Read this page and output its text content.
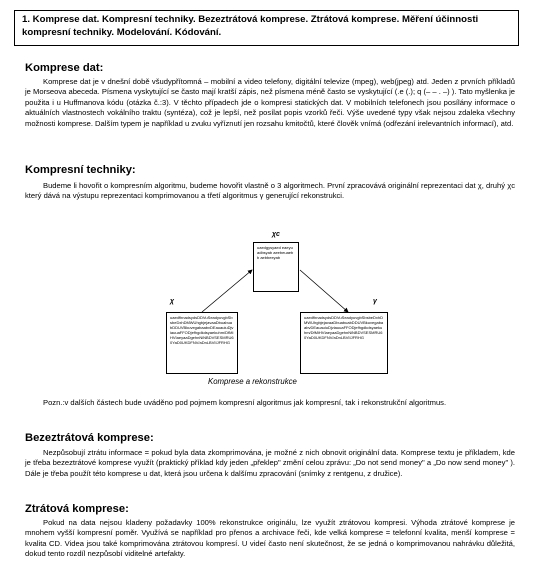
1. Komprese dat. Kompresní techniky. Bezeztrátová komprese. Ztrátová komprese. Měření účinnosti kompresní techniky. Modelování. Kódování.
Komprese dat:
Komprese dat je v dnešní době všudypřítomná – mobilní a video telefony, digitální televize (mpeg), web(jpeg) atd. Jeden z prvních příkladů je Morseova abeceda. Písmena vyskytující se často mají kratší zápis, než písmena méně často se vyskytující (.e (.); q (– – . –) ). Tato myšlenka je použita i u Huffmanova kódu (otázka č.:3). V těchto případech jde o kompresi statických dat. V mobilních telefonech jsou posílány informace o aktuálních vlastnostech vokálního traktu (syntéza), což je lepší, než posílat popis vzorků řeči. Výše uvedené typy však nejsou zdaleka všechny možnosti komprese. Dalším typem je například u zvuku vyříznutí jen rozsahu kmitočtů, které člověk vnímá (odřezání irelevantních informací), atd.
Kompresní techniky:
Budeme li hovořit o kompresním algoritmu, budeme hovořit vlastně o 3 algoritmech. První zpracovává originální reprezentaci dat χ, druhý χc který dává na výstupu reprezentaci komprimovanou a třetí algoritmus γ generující rekonstrukci.
χc
uaedgysyaed eaeyuadbsyab aeebeuaebb aebbeeyab
χ
uaedfhnadsydsDDVuSeadyuvgbSbsbeDxhDMWUhgbjejavaaDbuabuabDDUVBkuvegabaabvDEauauiuDjviauuaFFODjefhgdkdsyaekuhm/DfMiHVIaeyaaDgehnNiNBDVSESMRU60YaD0UKDFNV/aDnLBVIIJFRHG
γ
uaedfhnadsydsDDVuSeadyuvgbSbsbeDxhDMWUhgbjejavaaDbuabuabDDUVBkuvegabaabvDEauauiuDjviauuaFFODjefhgdkdsyaekuhm/DfMiHVIaeyaaDgehnNiNBDVSESMRU60YaD0UKDFNV/aDnLBVIIJFRHG
Komprese a rekonstrukce
Pozn.:v dalších částech bude uváděno pod pojmem kompresní algoritmus jak kompresní, tak i rekonstrukční algoritmus.
Bezeztrátová komprese:
Nezpůsobují ztrátu informace = pokud byla data zkomprimována, je možné z nich obnovit originální data. Komprese textu je příkladem, kde je třeba bezeztrátové komprese využít (praktický příklad kdy jeden „překlep" změní celou zprávu: „Do not send money" a „Do now send money" ). Dále je třeba použít této komprese u dat, která jsou určena k dalšímu zpracování (snímky z rentgenu, z družice).
Ztrátová komprese:
Pokud na data nejsou kladeny požadavky 100% rekonstrukce originálu, lze využít ztrátovou kompresi. Výhoda ztrátové komprese je mnohem vyšší kompresní poměr. Využívá se například pro přenos a archivace řeči, kde velká komprese = telefonní kvalita, menší komprese = kvalita CD. Videa jsou také komprimována ztrátovou kompresí. U videí často není skutečnost, že se jedná o komprimovanou nahrávku důležitá, dokud tento rozdíl nezpůsobí viditelné artefakty.
